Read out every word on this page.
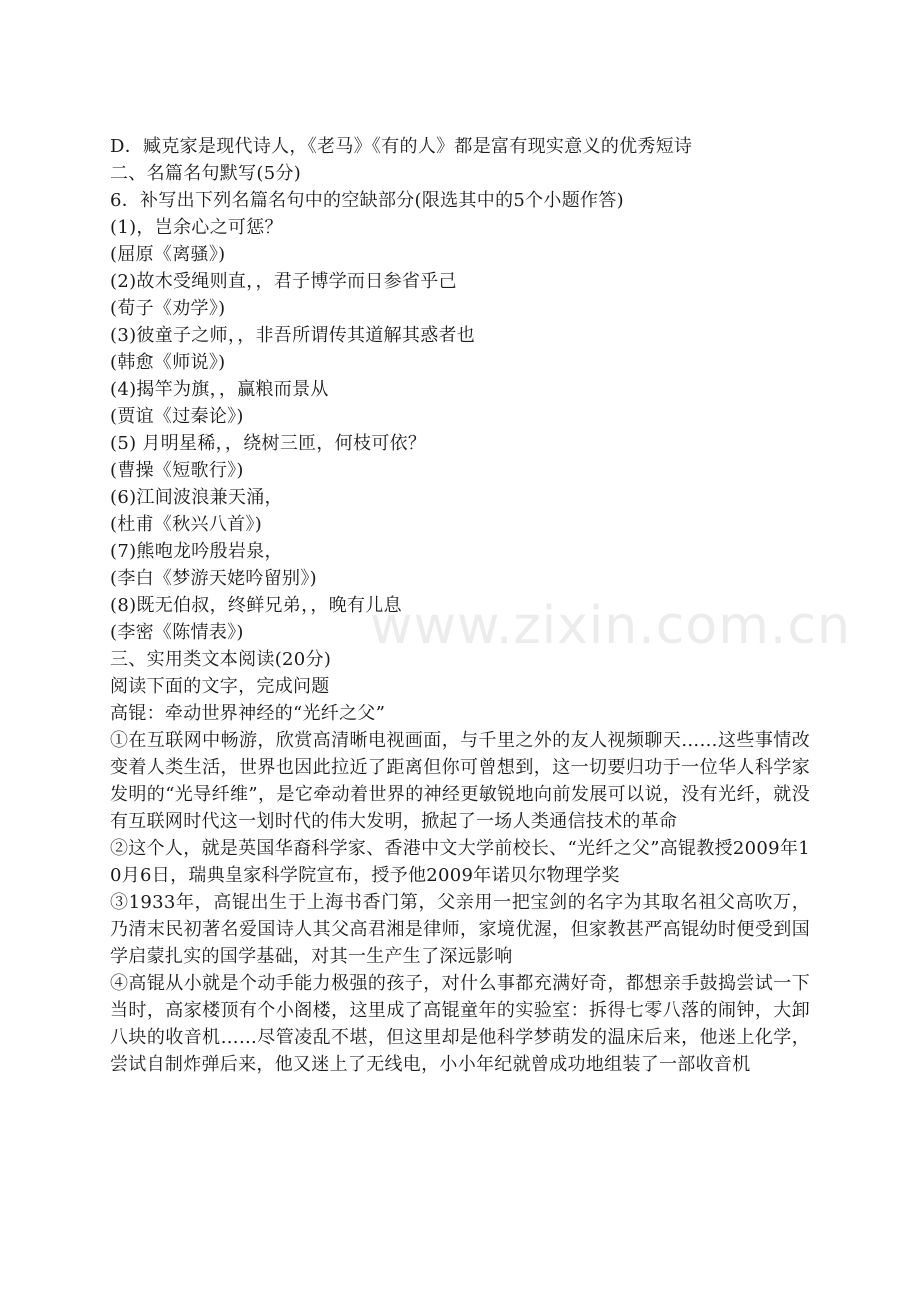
www.zixin.com.cn
D．臧克家是现代诗人，《老马》《有的人》都是富有现实意义的优秀短诗
二、名篇名句默写(5分)
6．补写出下列名篇名句中的空缺部分(限选其中的5个小题作答)
(1)，岂余心之可惩？
(屈原《离骚》)
(2)故木受绳则直，，君子博学而日参省乎己
(荀子《劝学》)
(3)彼童子之师，，非吾所谓传其道解其惑者也
(韩愈《师说》)
(4)揭竿为旗，，赢粮而景从
(贾谊《过秦论》)
(5) 月明星稀，，绕树三匝，何枝可依？
(曹操《短歌行》)
(6)江间波浪兼天涌，
(杜甫《秋兴八首》)
(7)熊咆龙吟殷岩泉，
(李白《梦游天姥吟留别》)
(8)既无伯叔，终鲜兄弟，，晚有儿息
(李密《陈情表》)
三、实用类文本阅读(20分)
阅读下面的文字，完成问题
高锟：牵动世界神经的“光纤之父”
①在互联网中畅游，欣赏高清晰电视画面，与千里之外的友人视频聊天……这些事情改变着人类生活，世界也因此拉近了距离但你可曾想到，这一切要归功于一位华人科学家发明的“光导纤维”，是它牵动着世界的神经更敏锐地向前发展可以说，没有光纤，就没有互联网时代这一划时代的伟大发明，掀起了一场人类通信技术的革命
②这个人，就是英国华裔科学家、香港中文大学前校长、“光纤之父”高锟教授2009年10月6日，瑞典皇家科学院宣布，授予他2009年诺贝尔物理学奖
③1933年，高锟出生于上海书香门第，父亲用一把宝剑的名字为其取名祖父高吹万，乃清末民初著名爱国诗人其父高君湘是律师，家境优渥，但家教甚严高锟幼时便受到国学启蒙扎实的国学基础，对其一生产生了深远影响
④高锟从小就是个动手能力极强的孩子，对什么事都充满好奇，都想亲手鼓捣尝试一下当时，高家楼顶有个小阁楼，这里成了高锟童年的实验室：拆得七零八落的闹钟，大卸八块的收音机……尽管凌乱不堪，但这里却是他科学梦萌发的温床后来，他迷上化学，尝试自制炸弹后来，他又迷上了无线电，小小年纪就曾成功地组装了一部收音机
